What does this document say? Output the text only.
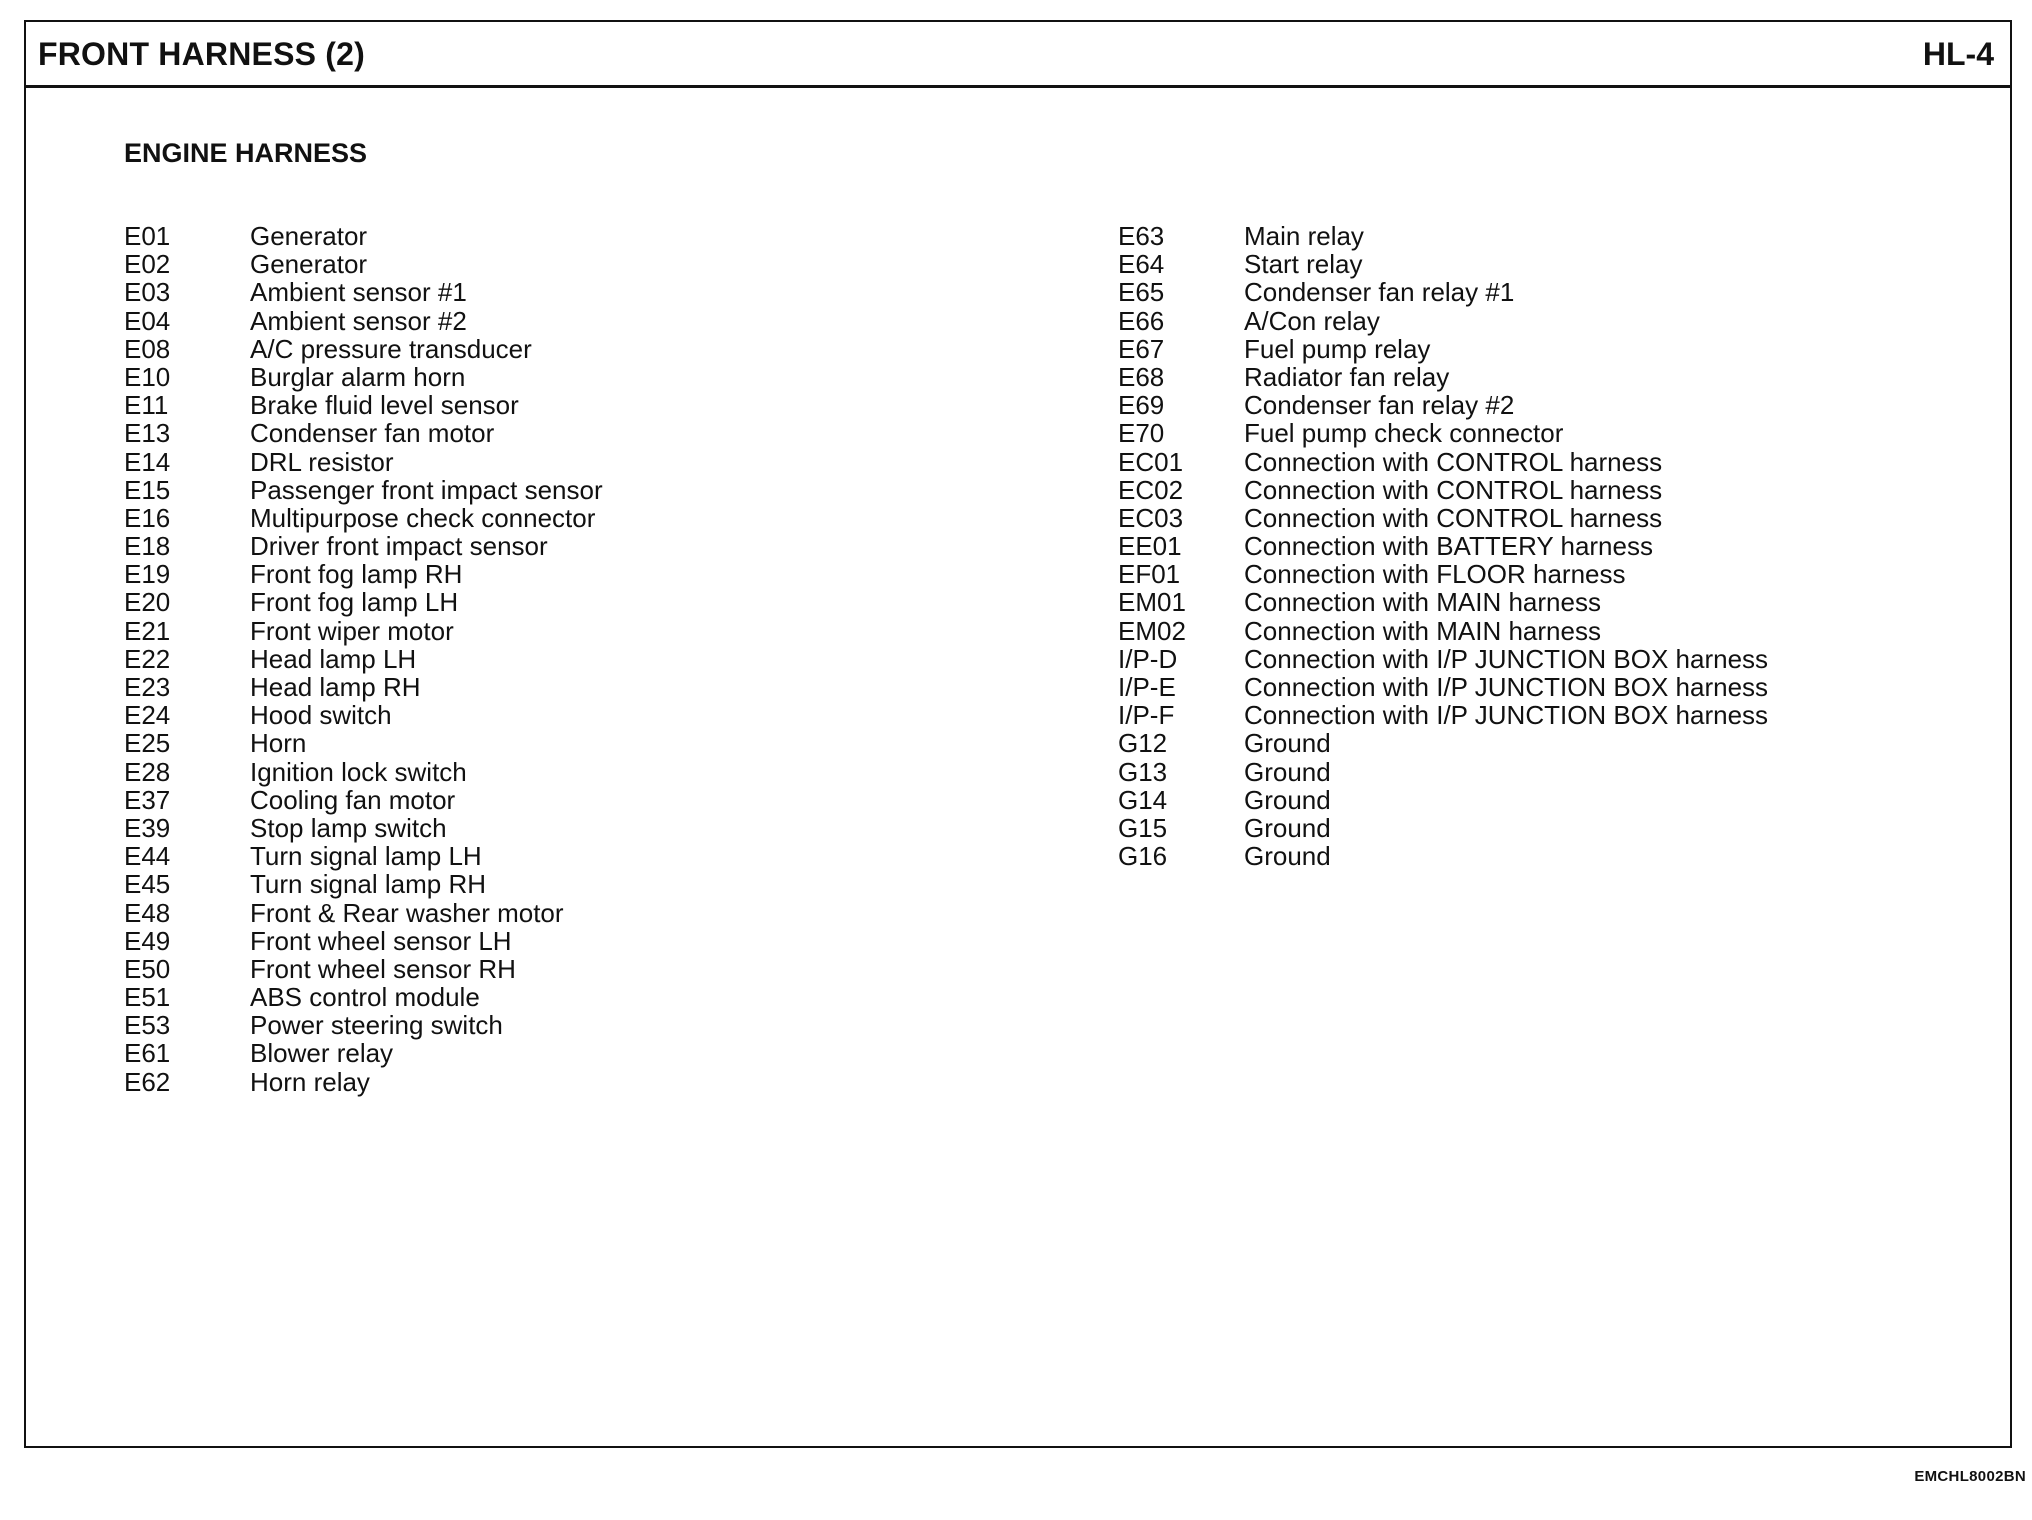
FRONT HARNESS (2)	HL-4
ENGINE HARNESS
E01	Generator
E02	Generator
E03	Ambient sensor #1
E04	Ambient sensor #2
E08	A/C pressure transducer
E10	Burglar alarm horn
E11	Brake fluid level sensor
E13	Condenser fan motor
E14	DRL resistor
E15	Passenger front impact sensor
E16	Multipurpose check connector
E18	Driver front impact sensor
E19	Front fog lamp RH
E20	Front fog lamp LH
E21	Front wiper motor
E22	Head lamp LH
E23	Head lamp RH
E24	Hood switch
E25	Horn
E28	Ignition lock switch
E37	Cooling fan motor
E39	Stop lamp switch
E44	Turn signal lamp LH
E45	Turn signal lamp RH
E48	Front & Rear washer motor
E49	Front wheel sensor LH
E50	Front wheel sensor RH
E51	ABS control module
E53	Power steering switch
E61	Blower relay
E62	Horn relay
E63	Main relay
E64	Start relay
E65	Condenser fan relay #1
E66	A/Con relay
E67	Fuel pump relay
E68	Radiator fan relay
E69	Condenser fan relay #2
E70	Fuel pump check connector
EC01 Connection with CONTROL harness
EC02 Connection with CONTROL harness
EC03 Connection with CONTROL harness
EE01 Connection with BATTERY harness
EF01 Connection with FLOOR harness
EM01 Connection with MAIN harness
EM02 Connection with MAIN harness
I/P-D	Connection with I/P JUNCTION BOX harness
I/P-E	Connection with I/P JUNCTION BOX harness
I/P-F	Connection with I/P JUNCTION BOX harness
G12	Ground
G13	Ground
G14	Ground
G15	Ground
G16	Ground
EMCHL8002BN
